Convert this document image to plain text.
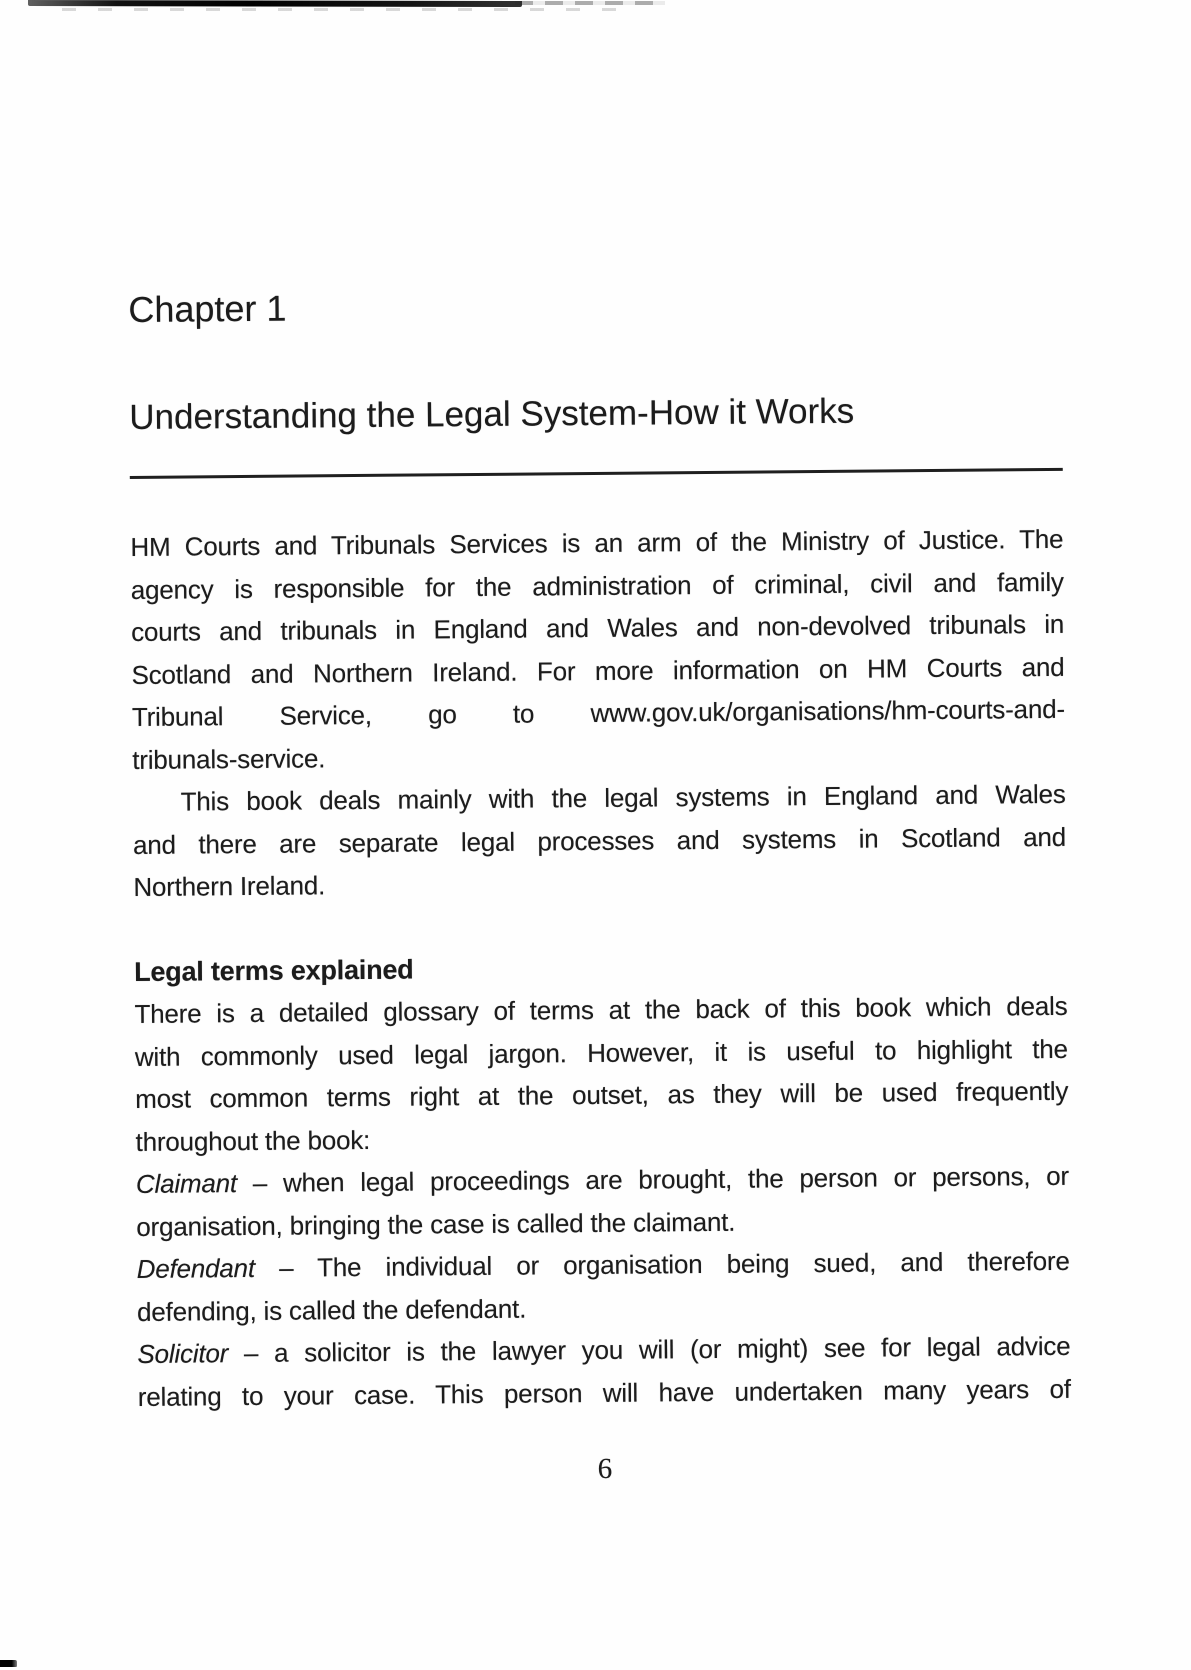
Chapter 1
Understanding the Legal System-How it Works
HM Courts and Tribunals Services is an arm of the Ministry of Justice. The
agency is responsible for the administration of criminal, civil and family
courts and tribunals in England and Wales and non-devolved tribunals in
Scotland and Northern Ireland. For more information on HM Courts and
Tribunal Service, go to www.gov.uk/organisations/hm-courts-and-
tribunals-service.
This book deals mainly with the legal systems in England and Wales
and there are separate legal processes and systems in Scotland and
Northern Ireland.
Legal terms explained
There is a detailed glossary of terms at the back of this book which deals
with commonly used legal jargon. However, it is useful to highlight the
most common terms right at the outset, as they will be used frequently
throughout the book:
Claimant – when legal proceedings are brought, the person or persons, or
organisation, bringing the case is called the claimant.
Defendant – The individual or organisation being sued, and therefore
defending, is called the defendant.
Solicitor – a solicitor is the lawyer you will (or might) see for legal advice
relating to your case. This person will have undertaken many years of
6
